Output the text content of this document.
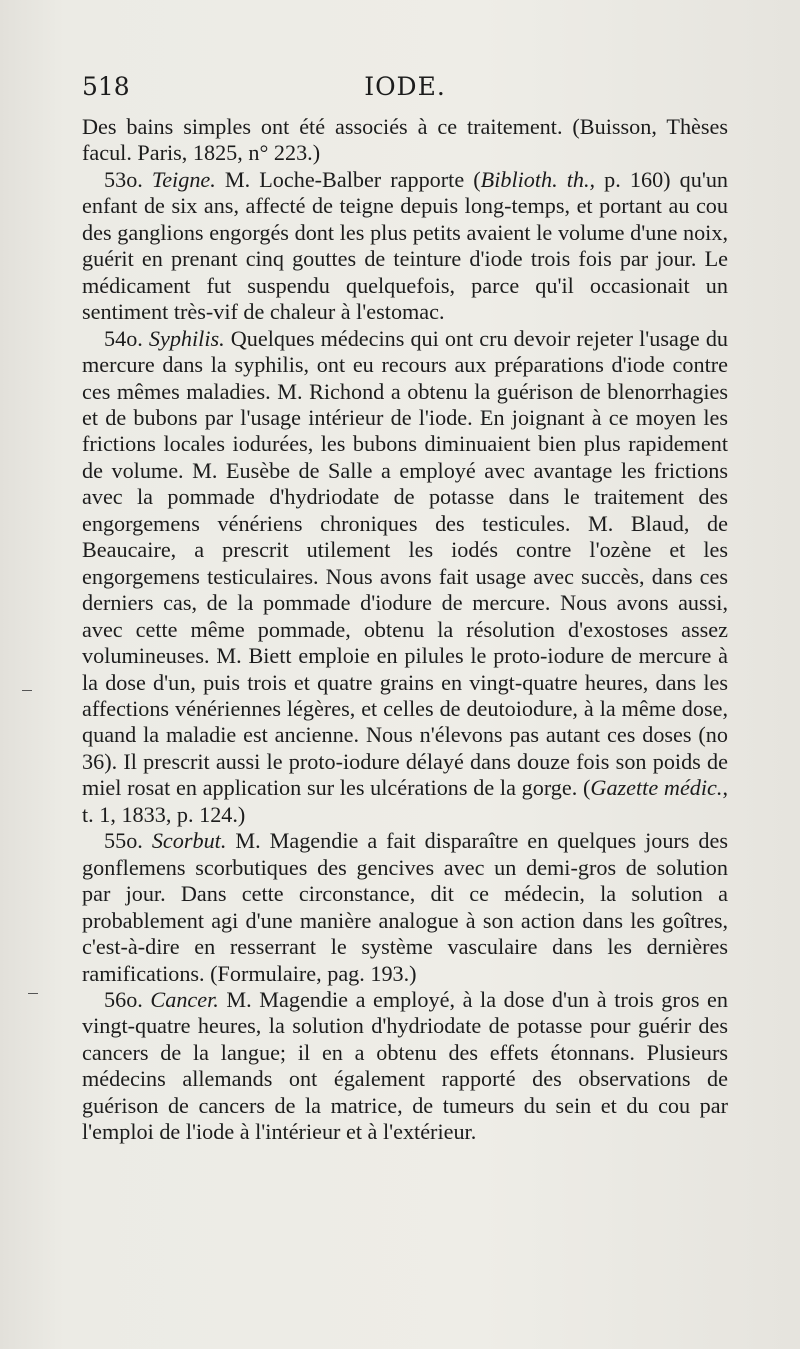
518	IODE.

Des bains simples ont été associés à ce traitement. (Buisson, Thèses facul. Paris, 1825, n° 223.)

53o. Teigne. M. Loche-Balber rapporte (Biblioth. th., p. 160) qu'un enfant de six ans, affecté de teigne depuis long-temps, et portant au cou des ganglions engorgés dont les plus petits avaient le volume d'une noix, guérit en prenant cinq gouttes de teinture d'iode trois fois par jour. Le médicament fut suspendu quelquefois, parce qu'il occasionait un sentiment très-vif de chaleur à l'estomac.

54o. Syphilis. Quelques médecins qui ont cru devoir rejeter l'usage du mercure dans la syphilis, ont eu recours aux préparations d'iode contre ces mêmes maladies. M. Richond a obtenu la guérison de blenorrhagies et de bubons par l'usage intérieur de l'iode. En joignant à ce moyen les frictions locales iodurées, les bubons diminuaient bien plus rapidement de volume. M. Eusèbe de Salle a employé avec avantage les frictions avec la pommade d'hydriodate de potasse dans le traitement des engorgemens vénériens chroniques des testicules. M. Blaud, de Beaucaire, a prescrit utilement les iodés contre l'ozène et les engorgemens testiculaires. Nous avons fait usage avec succès, dans ces derniers cas, de la pommade d'iodure de mercure. Nous avons aussi, avec cette même pommade, obtenu la résolution d'exostoses assez volumineuses. M. Biett emploie en pilules le proto-iodure de mercure à la dose d'un, puis trois et quatre grains en vingt-quatre heures, dans les affections vénériennes légères, et celles de deutoiodure, à la même dose, quand la maladie est ancienne. Nous n'élevons pas autant ces doses (no 36). Il prescrit aussi le proto-iodure délayé dans douze fois son poids de miel rosat en application sur les ulcérations de la gorge. (Gazette médic., t. 1, 1833, p. 124.)

55o. Scorbut. M. Magendie a fait disparaître en quelques jours des gonflemens scorbutiques des gencives avec un demi-gros de solution par jour. Dans cette circonstance, dit ce médecin, la solution a probablement agi d'une manière analogue à son action dans les goîtres, c'est-à-dire en resserrant le système vasculaire dans les dernières ramifications. (Formulaire, pag. 193.)

56o. Cancer. M. Magendie a employé, à la dose d'un à trois gros en vingt-quatre heures, la solution d'hydriodate de potasse pour guérir des cancers de la langue; il en a obtenu des effets étonnans. Plusieurs médecins allemands ont également rapporté des observations de guérison de cancers de la matrice, de tumeurs du sein et du cou par l'emploi de l'iode à l'intérieur et à l'extérieur.
